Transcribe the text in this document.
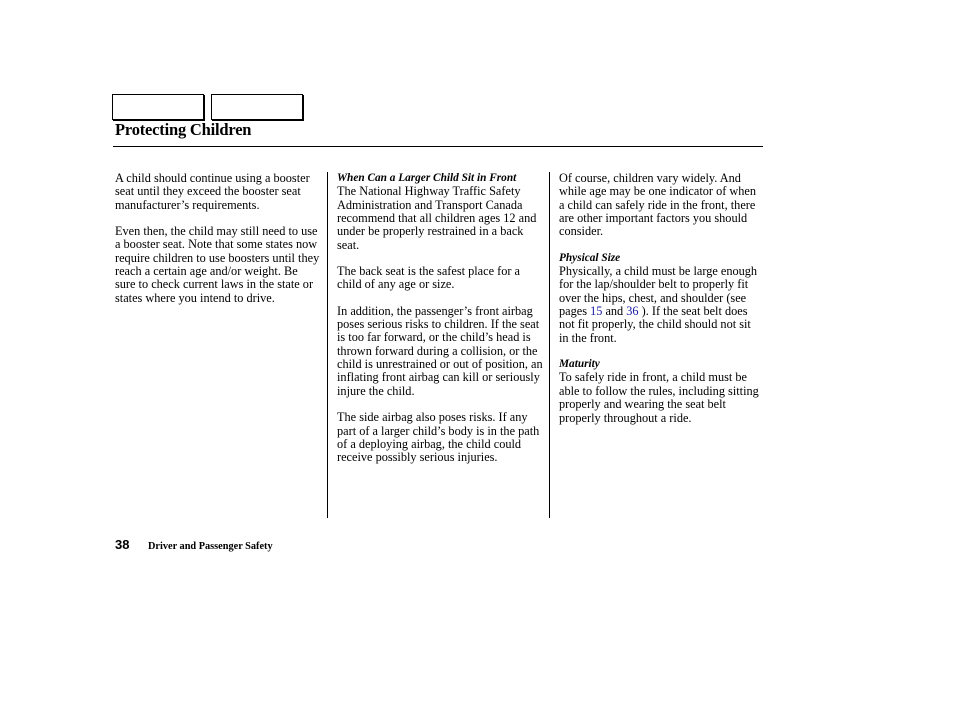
Protecting Children

A child should continue using a booster seat until they exceed the booster seat manufacturer’s requirements.

Even then, the child may still need to use a booster seat. Note that some states now require children to use boosters until they reach a certain age and/or weight. Be sure to check current laws in the state or states where you intend to drive.

When Can a Larger Child Sit in Front

The National Highway Traffic Safety Administration and Transport Canada recommend that all children ages 12 and under be properly restrained in a back seat.

The back seat is the safest place for a child of any age or size.

In addition, the passenger’s front airbag poses serious risks to children. If the seat is too far forward, or the child’s head is thrown forward during a collision, or the child is unrestrained or out of position, an inflating front airbag can kill or seriously injure the child.

The side airbag also poses risks. If any part of a larger child’s body is in the path of a deploying airbag, the child could receive possibly serious injuries.

Of course, children vary widely. And while age may be one indicator of when a child can safely ride in the front, there are other important factors you should consider.

Physical Size

Physically, a child must be large enough for the lap/shoulder belt to properly fit over the hips, chest, and shoulder (see pages 15 and 36 ). If the seat belt does not fit properly, the child should not sit in the front.

Maturity

To safely ride in front, a child must be able to follow the rules, including sitting properly and wearing the seat belt properly throughout a ride.

38 Driver and Passenger Safety
